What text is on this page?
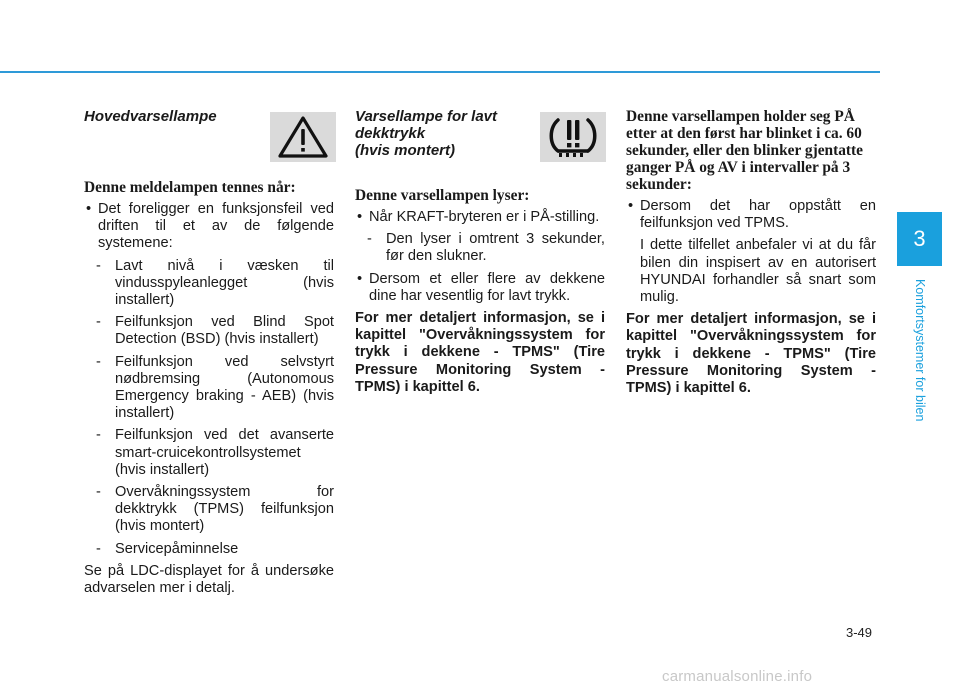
Hovedvarsellampe
Denne meldelampen tennes når:

• Det foreligger en funksjonsfeil ved driften til et av de følgende systemene:

- Lavt nivå i væsken til vindusspyleanlegget (hvis installert)
- Feilfunksjon ved Blind Spot Detection (BSD) (hvis installert)
- Feilfunksjon ved selvstyrt nødbremsing (Autonomous Emergency braking - AEB) (hvis installert)
- Feilfunksjon ved det avanserte smart-cruicekontrollsystemet (hvis installert)
- Overvåkningssystem for dekktrykk (TPMS) feilfunksjon (hvis montert)
- Servicepåminnelse

Se på LDC-displayet for å undersøke advarselen mer i detalj.

Varsellampe for lavt
dekktrykk
(hvis montert)
Denne varsellampen lyser:

• Når KRAFT-bryteren er i PÅ-stilling.

- Den lyser i omtrent 3 sekunder, før den slukner.

• Dersom et eller flere av dekkene dine har vesentlig for lavt trykk.

For mer detaljert informasjon, se i kapittel "Overvåkningssystem for trykk i dekkene - TPMS" (Tire Pressure Monitoring System - TPMS) i kapittel 6.

Denne varsellampen holder seg PÅ etter at den først har blinket i ca. 60 sekunder, eller den blinker gjentatte ganger PÅ og AV i intervaller på 3 sekunder:

• Dersom det har oppstått en feilfunksjon ved TPMS.

I dette tilfellet anbefaler vi at du får bilen din inspisert av en autorisert HYUNDAI forhandler så snart som mulig.

For mer detaljert informasjon, se i kapittel "Overvåkningssystem for trykk i dekkene - TPMS" (Tire Pressure Monitoring System - TPMS) i kapittel 6.

3
Komfortsystemer for bilen
3-49
carmanualsonline.info
